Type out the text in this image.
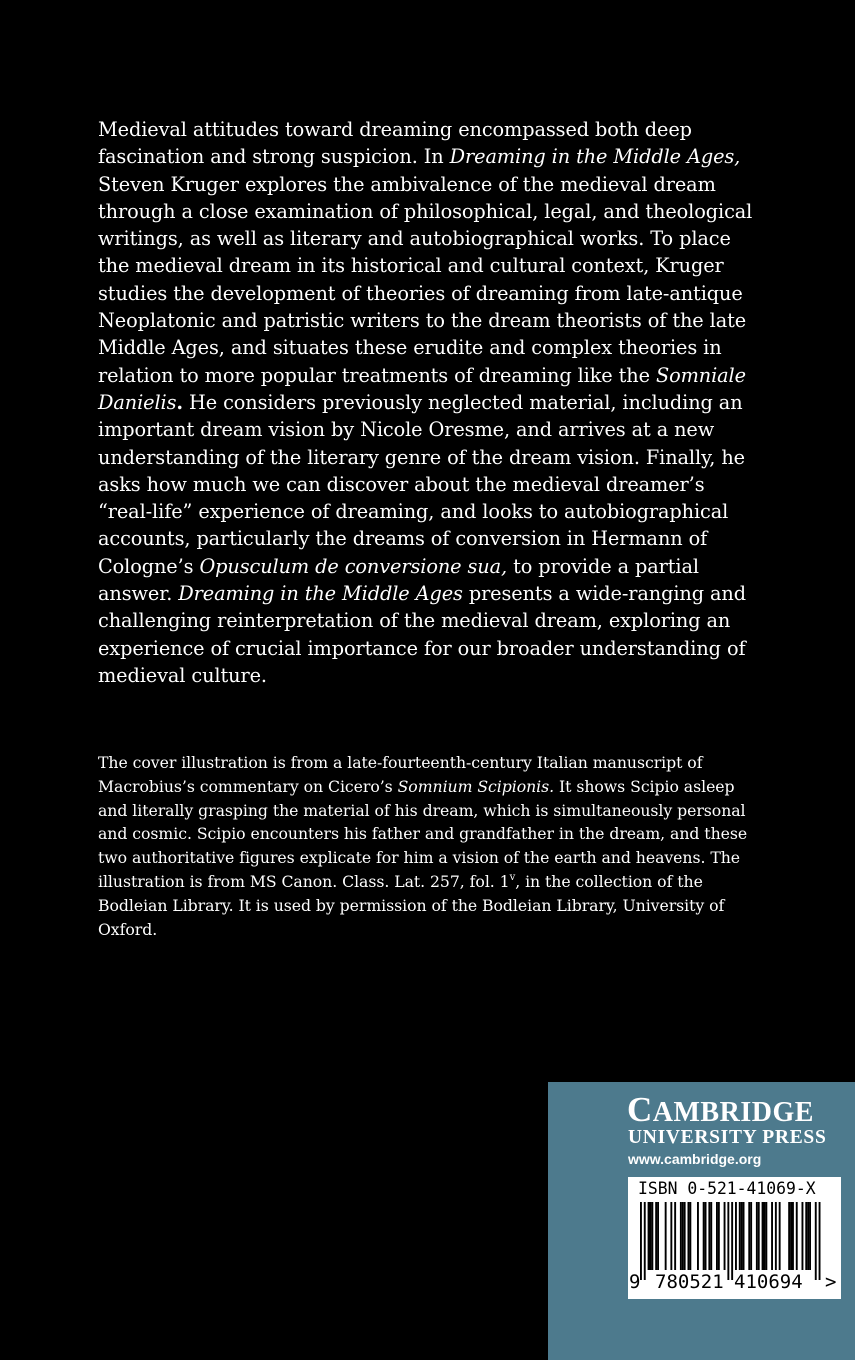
Medieval attitudes toward dreaming encompassed both deep fascination and strong suspicion. In Dreaming in the Middle Ages, Steven Kruger explores the ambivalence of the medieval dream through a close examination of philosophical, legal, and theological writings, as well as literary and autobiographical works. To place the medieval dream in its historical and cultural context, Kruger studies the development of theories of dreaming from late-antique Neoplatonic and patristic writers to the dream theorists of the late Middle Ages, and situates these erudite and complex theories in relation to more popular treatments of dreaming like the Somniale Danielis. He considers previously neglected material, including an important dream vision by Nicole Oresme, and arrives at a new understanding of the literary genre of the dream vision. Finally, he asks how much we can discover about the medieval dreamer’s “real-life” experience of dreaming, and looks to autobiographical accounts, particularly the dreams of conversion in Hermann of Cologne’s Opusculum de conversione sua, to provide a partial answer. Dreaming in the Middle Ages presents a wide-ranging and challenging reinterpretation of the medieval dream, exploring an experience of crucial importance for our broader understanding of medieval culture.

The cover illustration is from a late-fourteenth-century Italian manuscript of Macrobius’s commentary on Cicero’s Somnium Scipionis. It shows Scipio asleep and literally grasping the material of his dream, which is simultaneously personal and cosmic. Scipio encounters his father and grandfather in the dream, and these two authoritative figures explicate for him a vision of the earth and heavens. The illustration is from MS Canon. Class. Lat. 257, fol. 1$^v$, in the collection of the Bodleian Library. It is used by permission of the Bodleian Library, University of Oxford.

CAMBRIDGE
UNIVERSITY PRESS
www.cambridge.org
ISBN 0-521-41069-X
9 780521 410694 >
